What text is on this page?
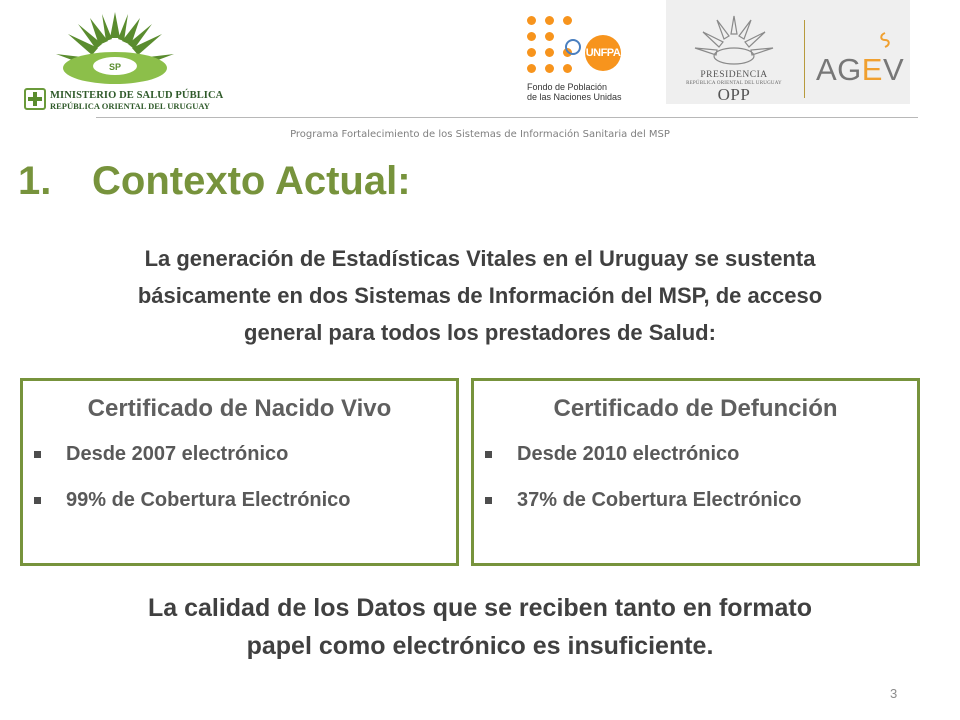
SP
MINISTERIO DE SALUD PÚBLICA
REPÚBLICA ORIENTAL DEL URUGUAY
UNFPA
Fondo de Población
de las Naciones Unidas
PRESIDENCIA
REPÚBLICA ORIENTAL DEL URUGUAY
OPP
AGEV
Programa Fortalecimiento de los Sistemas de Información Sanitaria del MSP
1. Contexto Actual:
La generación de Estadísticas Vitales en el Uruguay se sustenta
básicamente en dos Sistemas de Información del MSP, de acceso
general para todos los prestadores de Salud:
Certificado de Nacido Vivo
Desde 2007 electrónico
99% de Cobertura Electrónico
Certificado de Defunción
Desde 2010 electrónico
37% de Cobertura Electrónico
La calidad de los Datos que se reciben tanto en formato
papel como electrónico es insuficiente.
3
